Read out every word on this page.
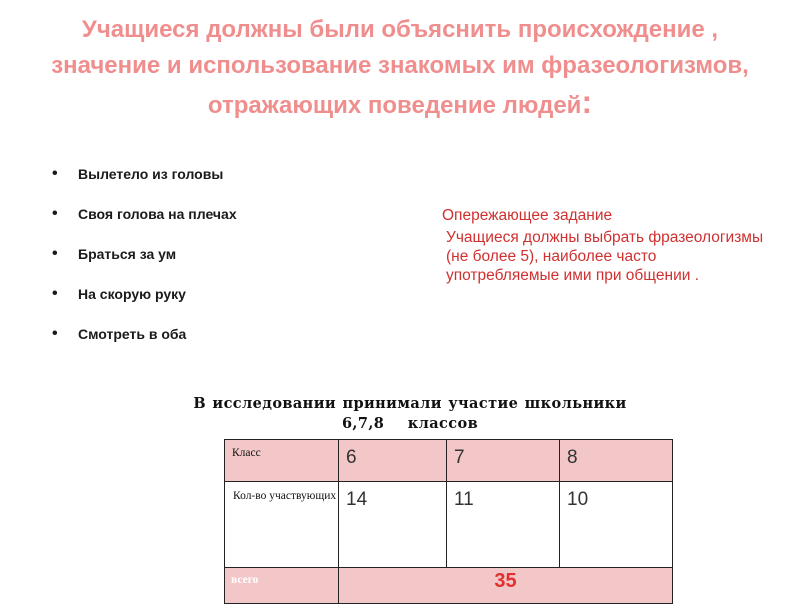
Учащиеся должны были объяснить происхождение , значение и использование знакомых им фразеологизмов, отражающих поведение людей:
• Вылетело из головы
• Своя голова на плечах
• Браться за ум
• На скорую руку
• Смотреть в оба
Опережающее задание
Учащиеся должны выбрать фразеологизмы (не более 5), наиболее часто употребляемые ими при общении .
В исследовании принимали участие школьники
6,7,8 классов
Класс	6	7	8
Кол-во участвующих	14	11	10
всего	35		
